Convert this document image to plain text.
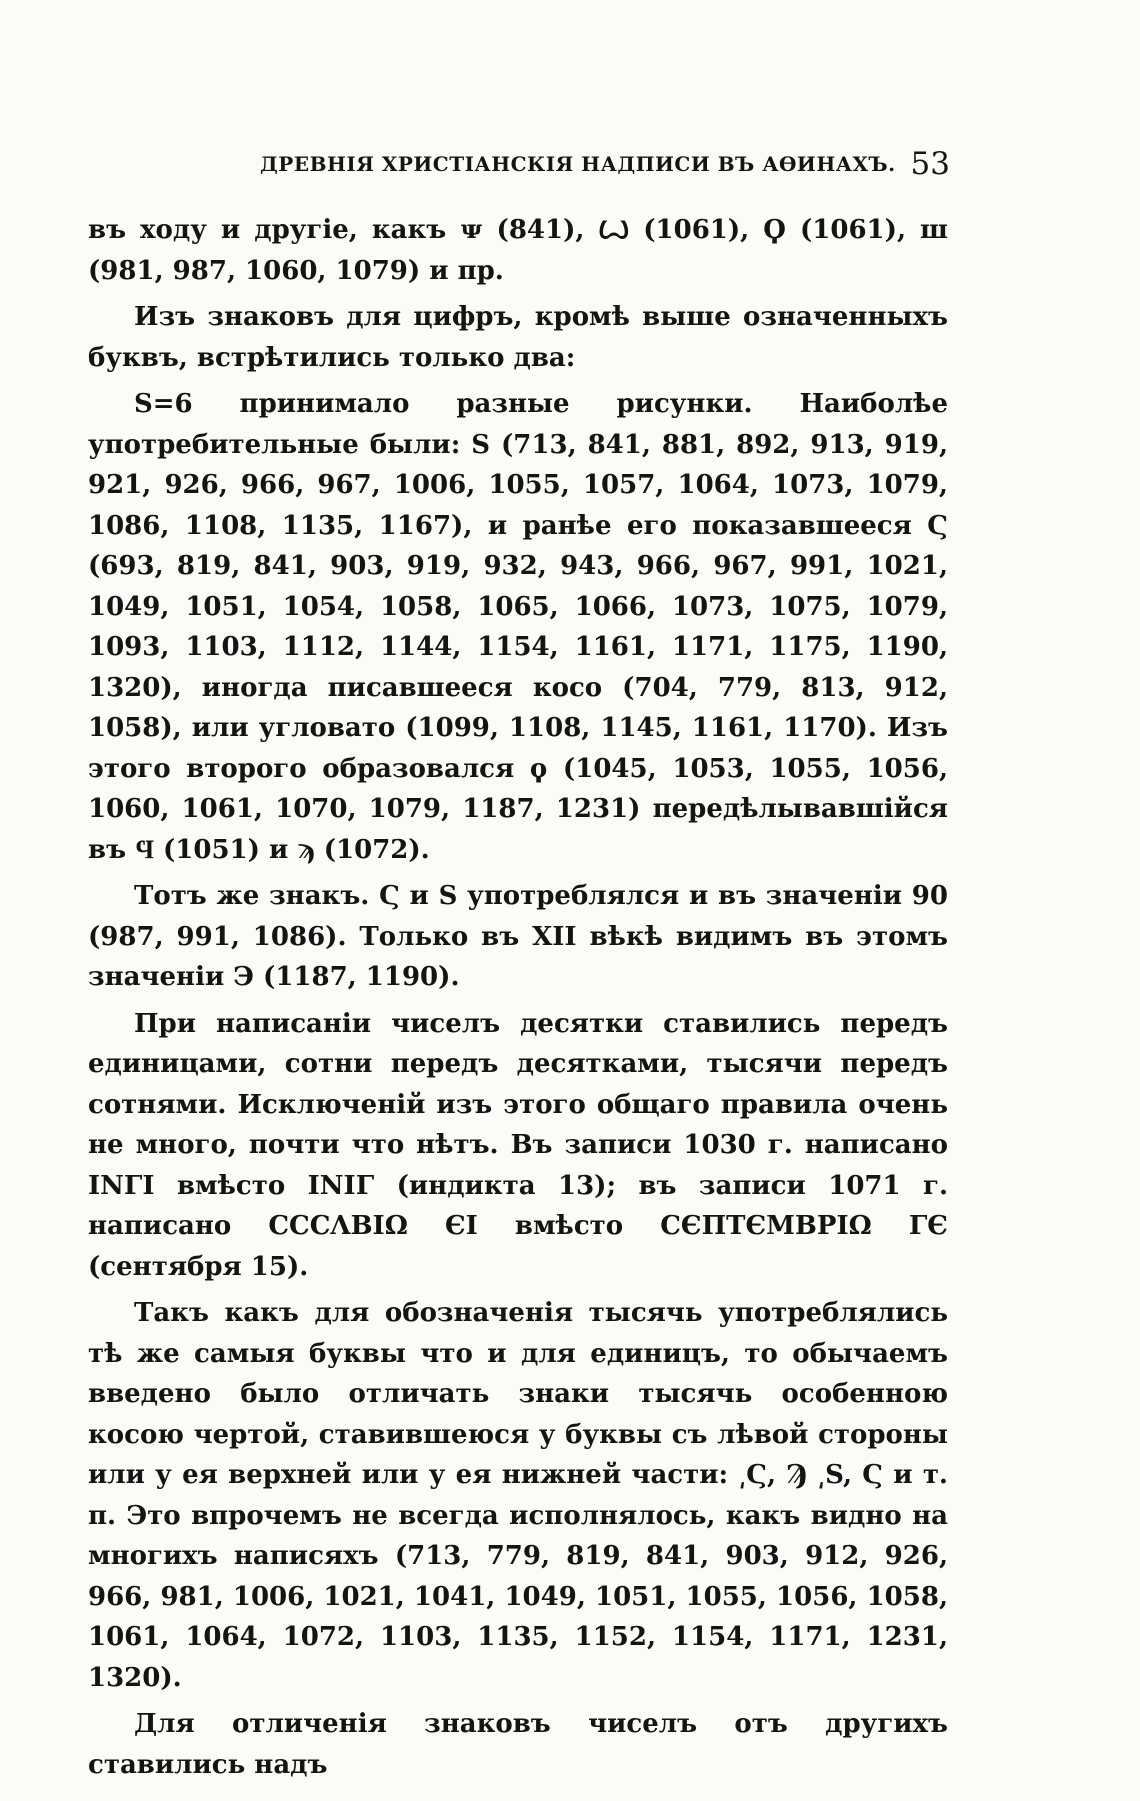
ДРЕВНІЯ ХРИСТІАНСКІЯ НАДПИСИ ВЪ АѲИНАХЪ. 53

въ ходу и другіе, какъ ᴪ (841), Ꙍ (1061), Ϙ (1061), ш (981, 987, 1060, 1079) и пр.

Изъ знаковъ для цифръ, кромѣ выше означенныхъ буквъ, встрѣтились только два:

S=6 принимало разные рисунки. Наиболѣе употребительные были: S (713, 841, 881, 892, 913, 919, 921, 926, 966, 967, 1006, 1055, 1057, 1064, 1073, 1079, 1086, 1108, 1135, 1167), и ранѣе его показавшееся Ϛ (693, 819, 841, 903, 919, 932, 943, 966, 967, 991, 1021, 1049, 1051, 1054, 1058, 1065, 1066, 1073, 1075, 1079, 1093, 1103, 1112, 1144, 1154, 1161, 1171, 1175, 1190, 1320), иногда писавшееся косо (704, 779, 813, 912, 1058), или угловато (1099, 1108, 1145, 1161, 1170). Изъ этого второго образовался ϙ (1045, 1053, 1055, 1056, 1060, 1061, 1070, 1079, 1187, 1231) передѣлывавшійся въ Ϥ (1051) и ϡ (1072).

Тотъ же знакъ. Ϛ и S употреблялся и въ значеніи 90 (987, 991, 1086). Только въ XII вѣкѣ видимъ въ этомъ значеніи Э (1187, 1190).

При написаніи чиселъ десятки ставились передъ единицами, сотни передъ десятками, тысячи передъ сотнями. Исключеній изъ этого общаго правила очень не много, почти что нѣтъ. Въ записи 1030 г. написано ΙΝΓΙ вмѣсто ΙΝΙΓ (индикта 13); въ записи 1071 г. написано CCCΛΒΙΩ ЄΙ вмѣсто CЄΠΤЄΜΒΡΙΩ ΓЄ (сентября 15).

Такъ какъ для обозначенія тысячь употреблялись тѣ же самыя буквы что и для единицъ, то обычаемъ введено было отличать знаки тысячь особенною косою чертой, ставившеюся у буквы съ лѣвой стороны или у ея верхней или у ея нижней части: ͵Ϛ, Ϡ ͵S, Ϛ и т. п. Это впрочемъ не всегда исполнялось, какъ видно на многихъ написяхъ (713, 779, 819, 841, 903, 912, 926, 966, 981, 1006, 1021, 1041, 1049, 1051, 1055, 1056, 1058, 1061, 1064, 1072, 1103, 1135, 1152, 1154, 1171, 1231, 1320).

Для отличенія знаковъ чиселъ отъ другихъ ставились надъ
